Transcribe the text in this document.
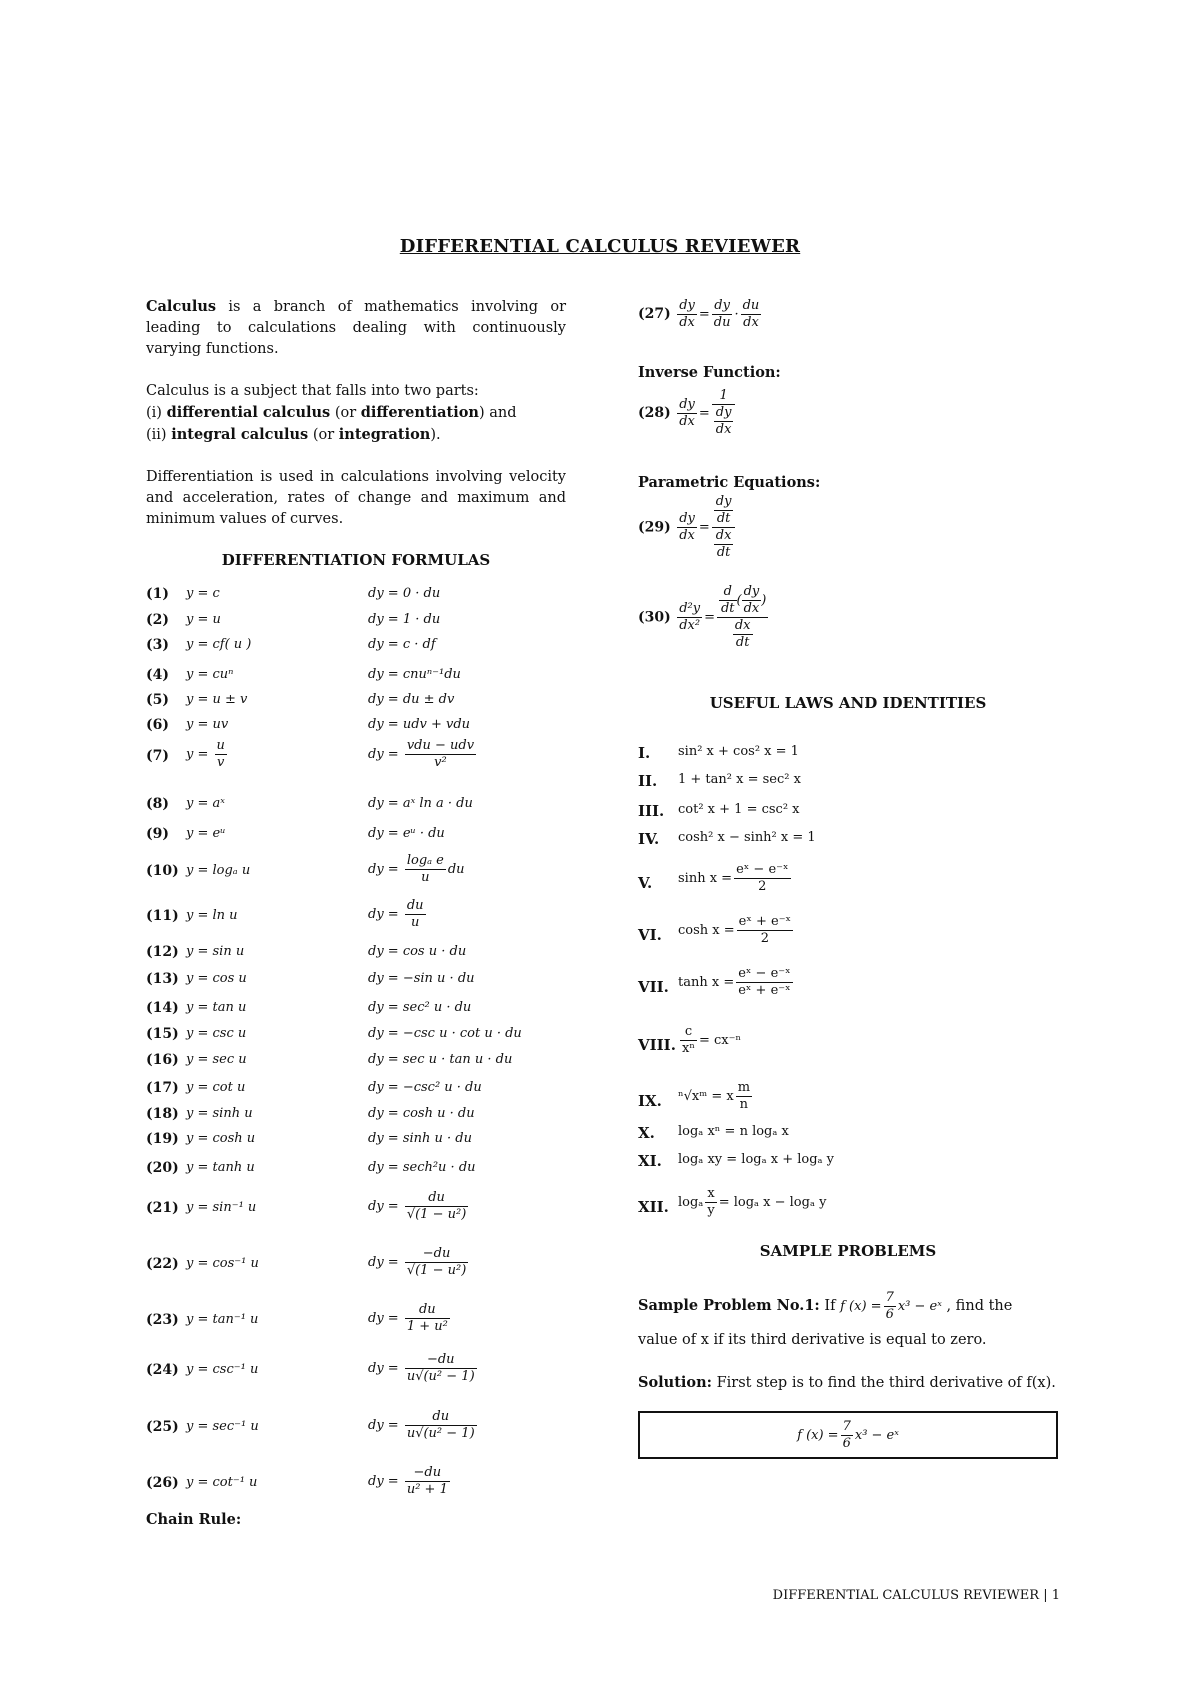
DIFFERENTIAL CALCULUS REVIEWER
Calculus is a branch of mathematics involving or leading to calculations dealing with continuously varying functions.

Calculus is a subject that falls into two parts:

(i) differential calculus (or differentiation) and

(ii) integral calculus (or integration).

Differentiation is used in calculations involving velocity and acceleration, rates of change and maximum and minimum values of curves.
DIFFERENTIATION FORMULAS
(1) y = c	dy = 0 · du
(2) y = u	dy = 1 · du
(3) y = cf( u )	dy = c · df
(4) y = cuⁿ	dy = cnuⁿ⁻¹du
(5) y = u ± v	dy = du ± dv
(6) y = uv	dy = udv + vdu
(7) $y = \frac{u}{v}$	dy = $\frac{\text{vdu − udv}}{\text{v²}}$
(8) y = aˣ	dy = aˣ ln a · du
(9) y = eᵘ	dy = eᵘ · du
(10) y = logₐ u	dy = $\frac{\text{logₐ e}}{u}$ du
(11) y = ln u	dy = $\frac{du}{u}$
(12) y = sin u	dy = cos u · du
(13) y = cos u	dy = −sin u · du
(14) y = tan u	dy = sec² u · du
(15) y = csc u	dy = −csc u · cot u · du
(16) y = sec u	dy = sec u · tan u · du
(17) y = cot u	dy = −csc² u · du
(18) y = sinh u	dy = cosh u · du
(19) y = cosh u	dy = sinh u · du
(20) y = tanh u	dy = sech²u · du
(21) y = sin⁻¹ u	dy = $\frac{du}{\text{√(1 − u²)}}$
(22) y = cos⁻¹ u	dy = $\frac{-du}{\text{√(1 − u²)}}$
(23) y = tan⁻¹ u	dy = $\frac{du}{\text{1 + u²}}$
(24) y = csc⁻¹ u	dy = $\frac{-du}{\text{u√(u² − 1)}}$
(25) y = sec⁻¹ u	dy = $\frac{du}{\text{u√(u² − 1)}}$
(26) y = cot⁻¹ u	dy = $\frac{-du}{\text{u² + 1}}$
Chain Rule:
$(27) \frac{dy}{dx} = \frac{dy}{du} \cdot \frac{du}{dx}$
Inverse Function:
$(28) \frac{dy}{dx} = \frac{1}{\frac{dy}{dx}}$
Parametric Equations:
$(29) \frac{dy}{dx} = \frac{\frac{dy}{dt}}{\frac{dx}{dt}}$
$(30) \frac{\text{d²y}}{\text{dx²}} = \frac{\frac{d}{dt} ( \frac{dy}{dx} )}{\frac{dx}{dt}}$
USEFUL LAWS AND IDENTITIES
I. sin² x + cos² x = 1
II. 1 + tan² x = sec² x
III. cot² x + 1 = csc² x
IV. cosh² x − sinh² x = 1
V. $\sinh x = \frac{\text{eˣ − e⁻ˣ}}{2}$
VI. $\cosh x = \frac{\text{eˣ + e⁻ˣ}}{2}$
VII. $\tanh x = \frac{\text{eˣ − e⁻ˣ}}{\text{eˣ + e⁻ˣ}}$
VIII. $\frac{c}{\text{xⁿ}} = cx^{-n}$
IX. ⁿ√xᵐ = x $\frac{m}{n}$
X. logₐ xⁿ = n logₐ x
XI. logₐ xy = logₐ x + logₐ y
XII. logₐ $\frac{x}{y} = \log_a$ x − logₐ y
SAMPLE PROBLEMS
Sample Problem No.1: If f $(x) = \frac{7}{6} x^3$ − eˣ , find the
value of x if its third derivative is equal to zero.
Solution: First step is to find the third derivative of f(x).
f $(x) = \frac{7}{6} x^3$ − eˣ
DIFFERENTIAL CALCULUS REVIEWER | 1
